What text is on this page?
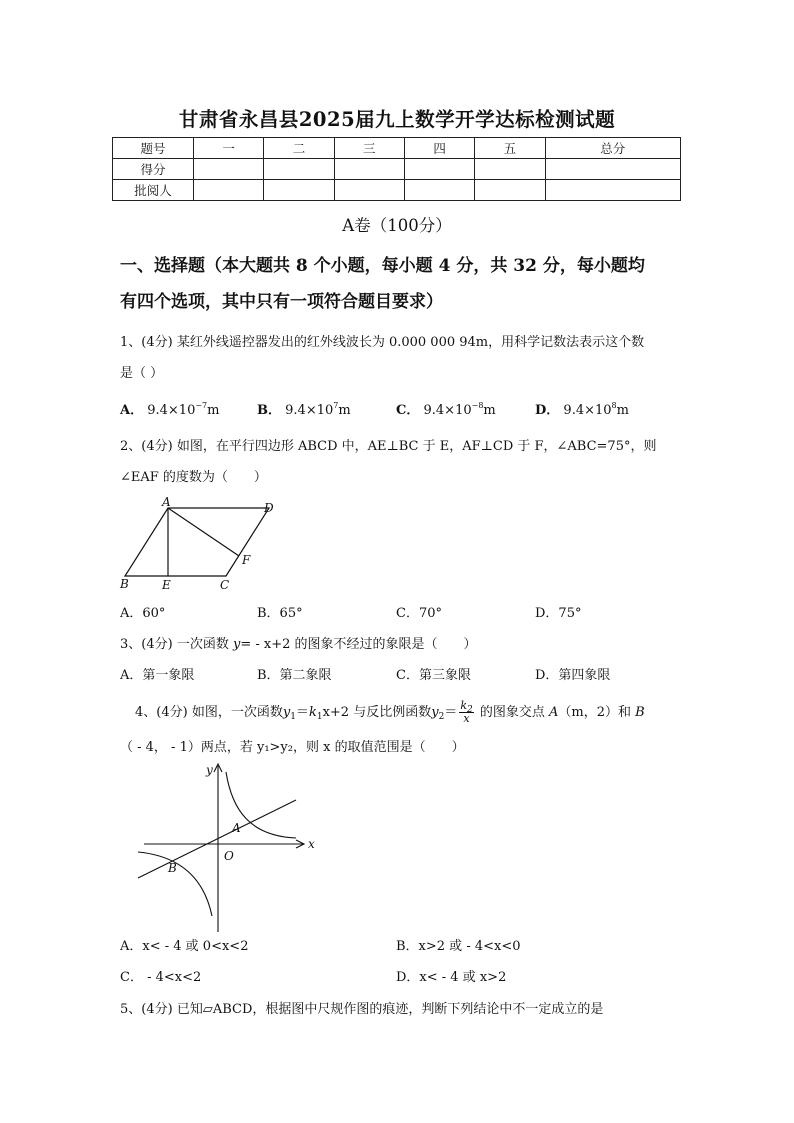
甘肃省永昌县2025届九上数学开学达标检测试题
题号	一	二	三	四	五	总分
得分						
批阅人						
A卷（100分）
一、选择题（本大题共 8 个小题，每小题 4 分，共 32 分，每小题均
有四个选项，其中只有一项符合题目要求）
1、(4分) 某红外线遥控器发出的红外线波长为 0.000 000 94m，用科学记数法表示这个数
是（ ）
A． $9.4\times 10^{-7}m$	B． $9.4\times 10^7m$	C． $9.4\times 10^{-8}m$	D． $9.4\times 10^8m$
2、(4分) 如图，在平行四边形 ABCD 中，AE⊥BC 于 E，AF⊥CD 于 F，∠ABC=75°，则
∠EAF 的度数为（　　）
A	D
F
B	E	C
A．60°	B．65°	C．70°	D．75°
3、(4分) 一次函数 y= - x+2 的图象不经过的象限是（　　）
A．第一象限	B．第二象限	C．第三象限	D．第四象限
4、(4分) 如图，一次函数$y_1=k_1x+2$ 与反比例函数$y_2= \frac{k_2}{x}$ 的图象交点 A（m，2）和 B
（ - 4， - 1）两点，若 y₁>y₂，则 x 的取值范围是（　　）
y
x
O
A
B
A．x< - 4 或 0<x<2	B．x>2 或 - 4<x<0
C． - 4<x<2	D．x< - 4 或 x>2
5、(4分) 已知▱ABCD，根据图中尺规作图的痕迹，判断下列结论中不一定成立的是
